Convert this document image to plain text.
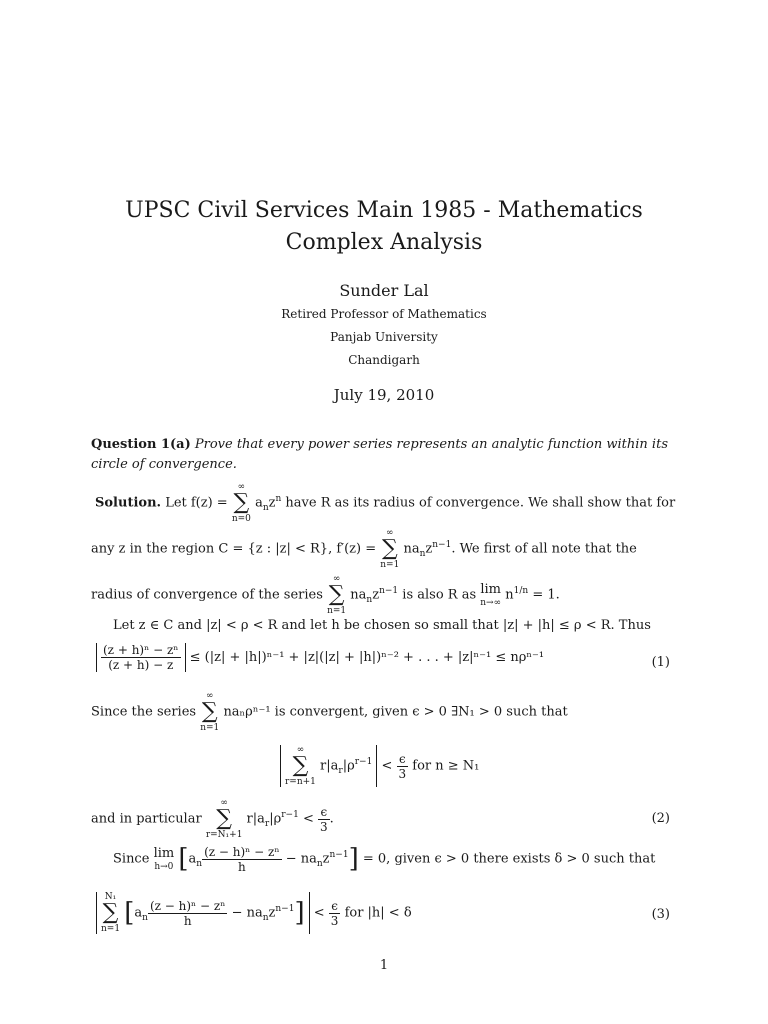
UPSC Civil Services Main 1985 - Mathematics
Complex Analysis
Sunder Lal
Retired Professor of Mathematics
Panjab University
Chandigarh
July 19, 2010
Question 1(a) Prove that every power series represents an analytic function within its circle of convergence.
Solution. Let f(z) = ∞
∑
n=0 $a_nz^n$ have R as its radius of convergence. We shall show that for
any z in the region C = {z : |z| < R}, f′(z) = ∞
∑
n=1 $na_nz^{n-1}$. We first of all note that the
radius of convergence of the series ∞
∑
n=1 $na_nz^{n-1}$ is also R as lim
n→∞ $n^{1/n} = 1$.
Let z ∈ C and |z| < ρ < R and let h be chosen so small that |z| + |h| ≤ ρ < R. Thus
$\frac{\text{(z + h)ⁿ − zⁿ}}{(z + h) - z} \le (|z| + |h|)^{n-1} + |z|(|z| + |h|)^{n-2}$ + . . . + |z|ⁿ⁻¹ ≤ nρⁿ⁻¹	(1)
Since the series ∞
∑
n=1 naₙρⁿ⁻¹ is convergent, given ϵ > 0 ∃N₁ > 0 such that
∞
∑
r=n+1 $r|a_r|\rho^{r-1} < \frac{\epsilon}{3}$ for n ≥ N₁
and in particular ∞
∑
r=N₁+1 $r|a_r|\rho^{r-1} < \frac{\epsilon}{3}$ .	(2)
Since lim
h→0 $[a_n \frac{\text{(z − h)ⁿ − zⁿ}}{h} - na_nz^{n-1}] = 0$, given ϵ > 0 there exists δ > 0 such that
N₁
∑
n=1 $[a_n \frac{\text{(z − h)ⁿ − zⁿ}}{h} - na_nz^{n-1}] < \frac{\epsilon}{3}$ for |h| < δ	(3)
1
